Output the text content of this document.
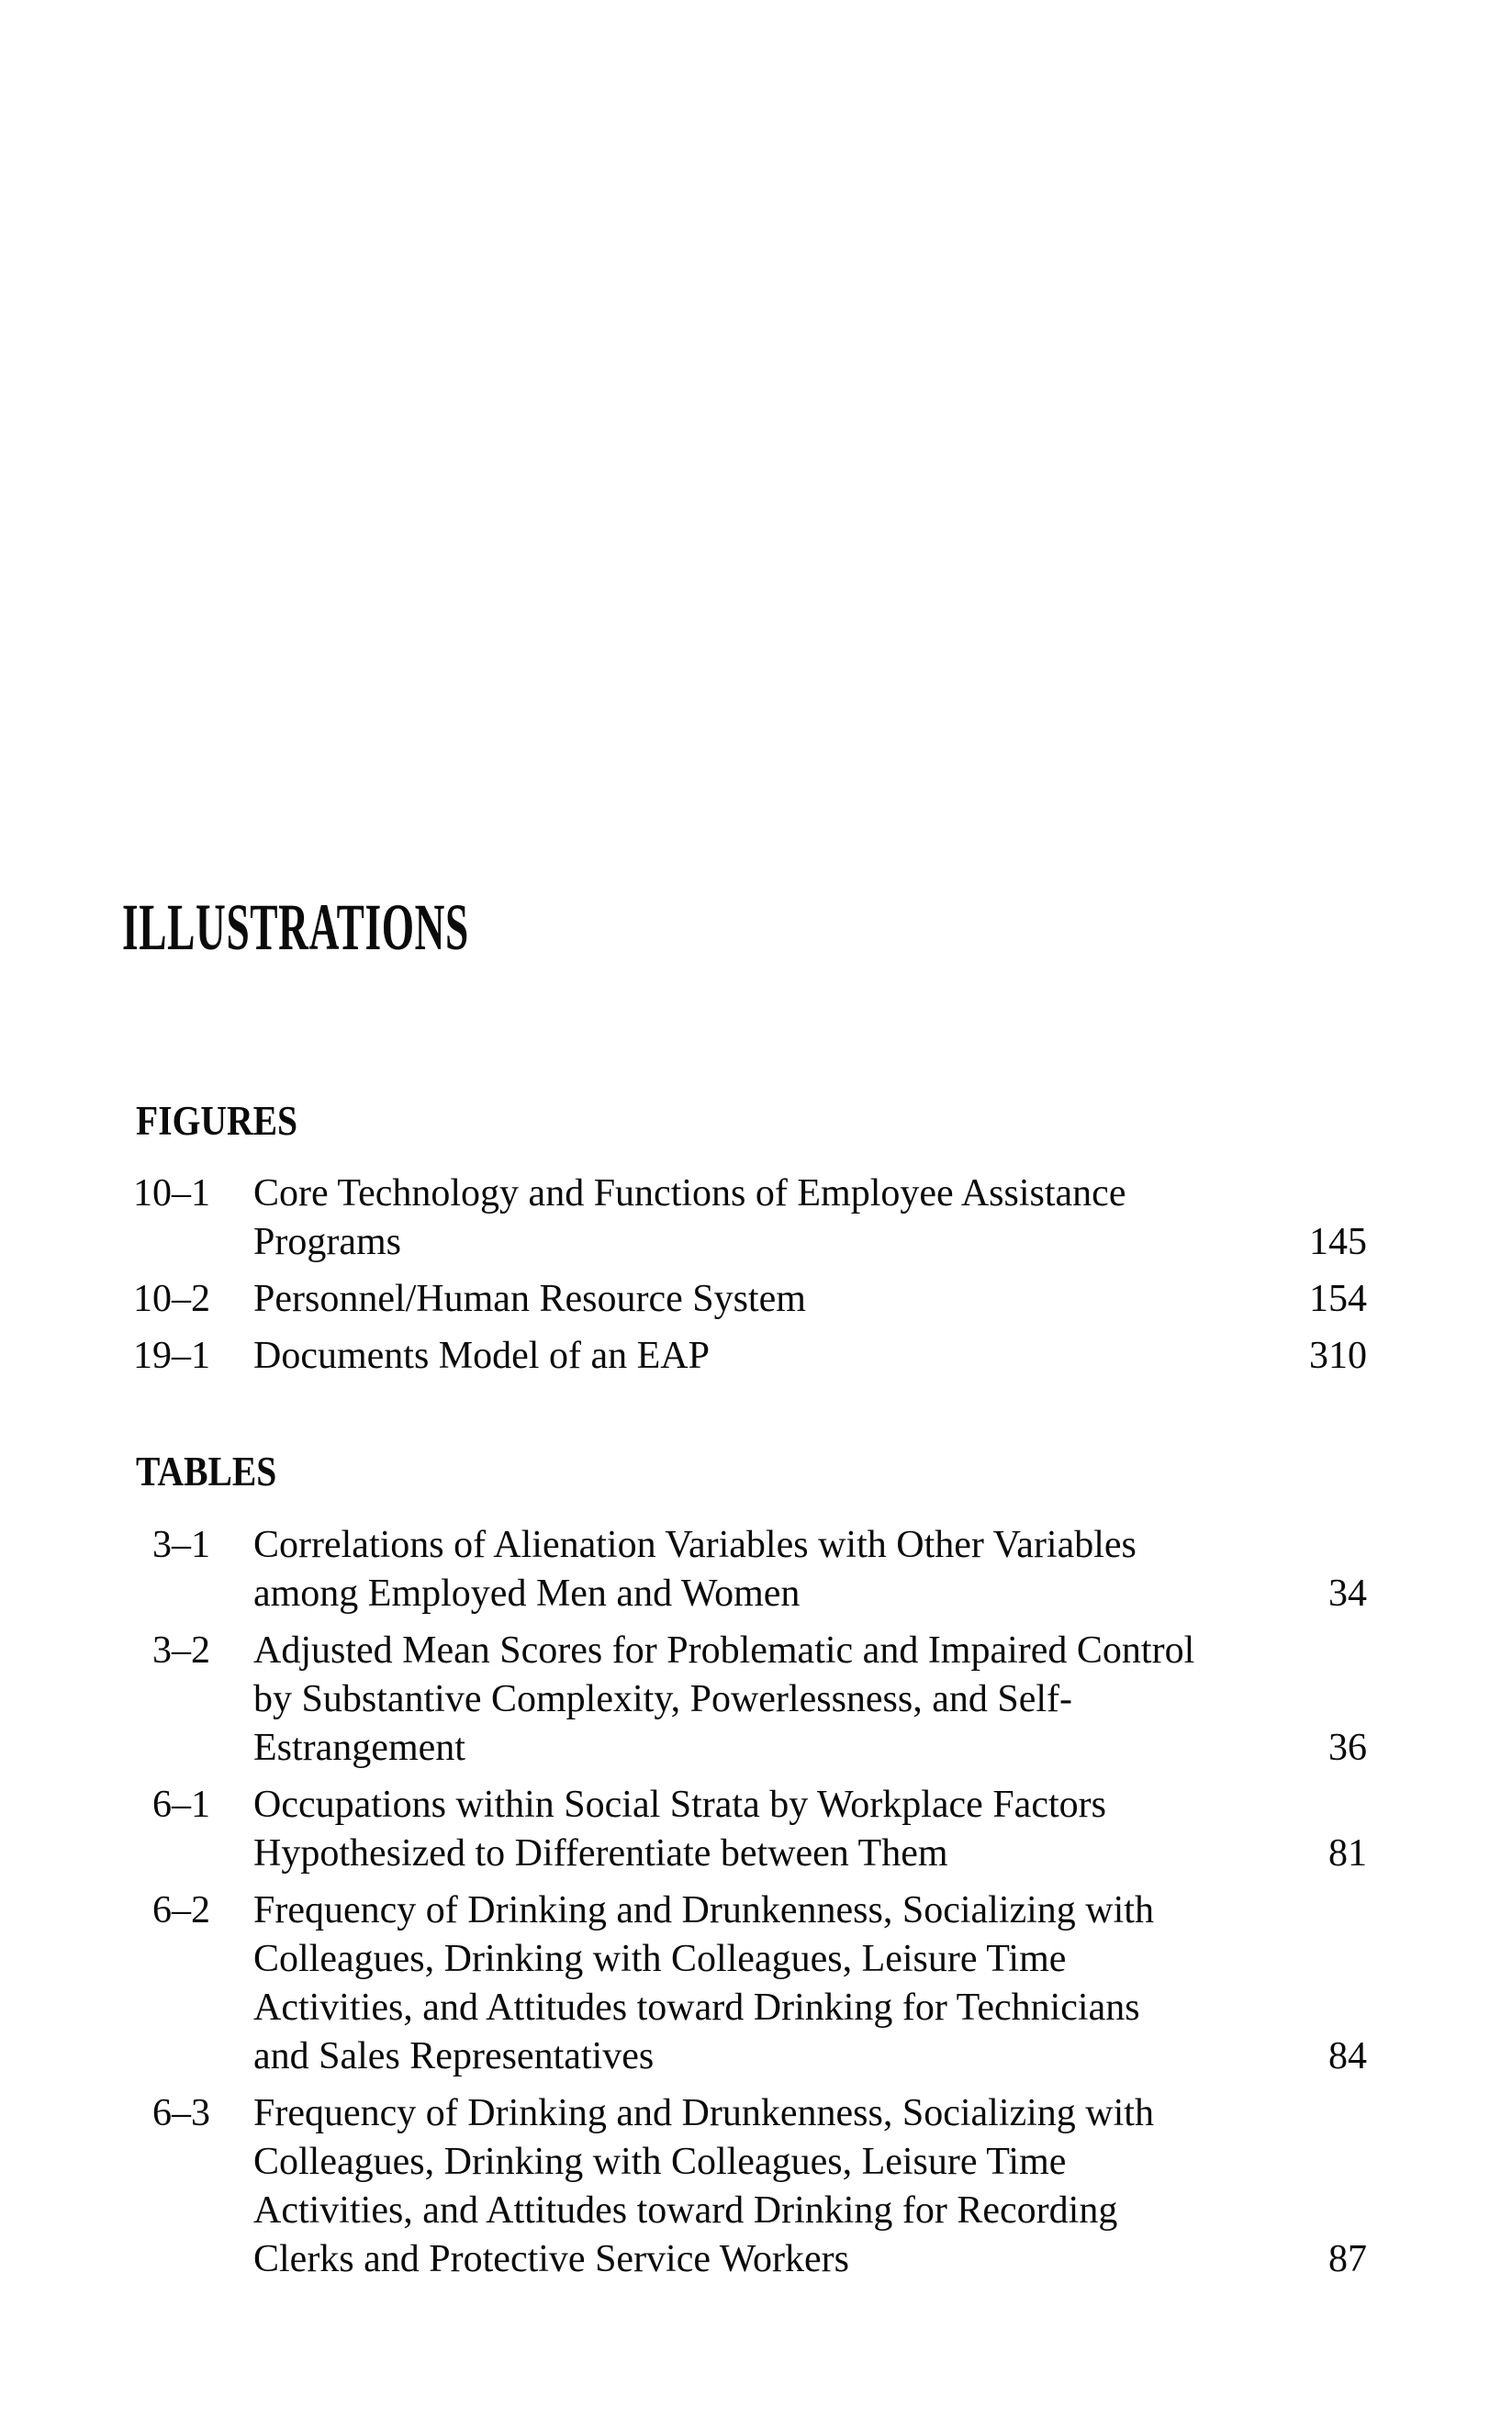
ILLUSTRATIONS
FIGURES
10–1 Core Technology and Functions of Employee Assistance
Programs	145
10–2 Personnel/Human Resource System	154
19–1 Documents Model of an EAP	310
TABLES
3–1 Correlations of Alienation Variables with Other Variables
among Employed Men and Women	34
3–2 Adjusted Mean Scores for Problematic and Impaired Control
by Substantive Complexity, Powerlessness, and Self-
Estrangement	36
6–1 Occupations within Social Strata by Workplace Factors
Hypothesized to Differentiate between Them	81
6–2 Frequency of Drinking and Drunkenness, Socializing with
Colleagues, Drinking with Colleagues, Leisure Time
Activities, and Attitudes toward Drinking for Technicians
and Sales Representatives	84
6–3 Frequency of Drinking and Drunkenness, Socializing with
Colleagues, Drinking with Colleagues, Leisure Time
Activities, and Attitudes toward Drinking for Recording
Clerks and Protective Service Workers	87
